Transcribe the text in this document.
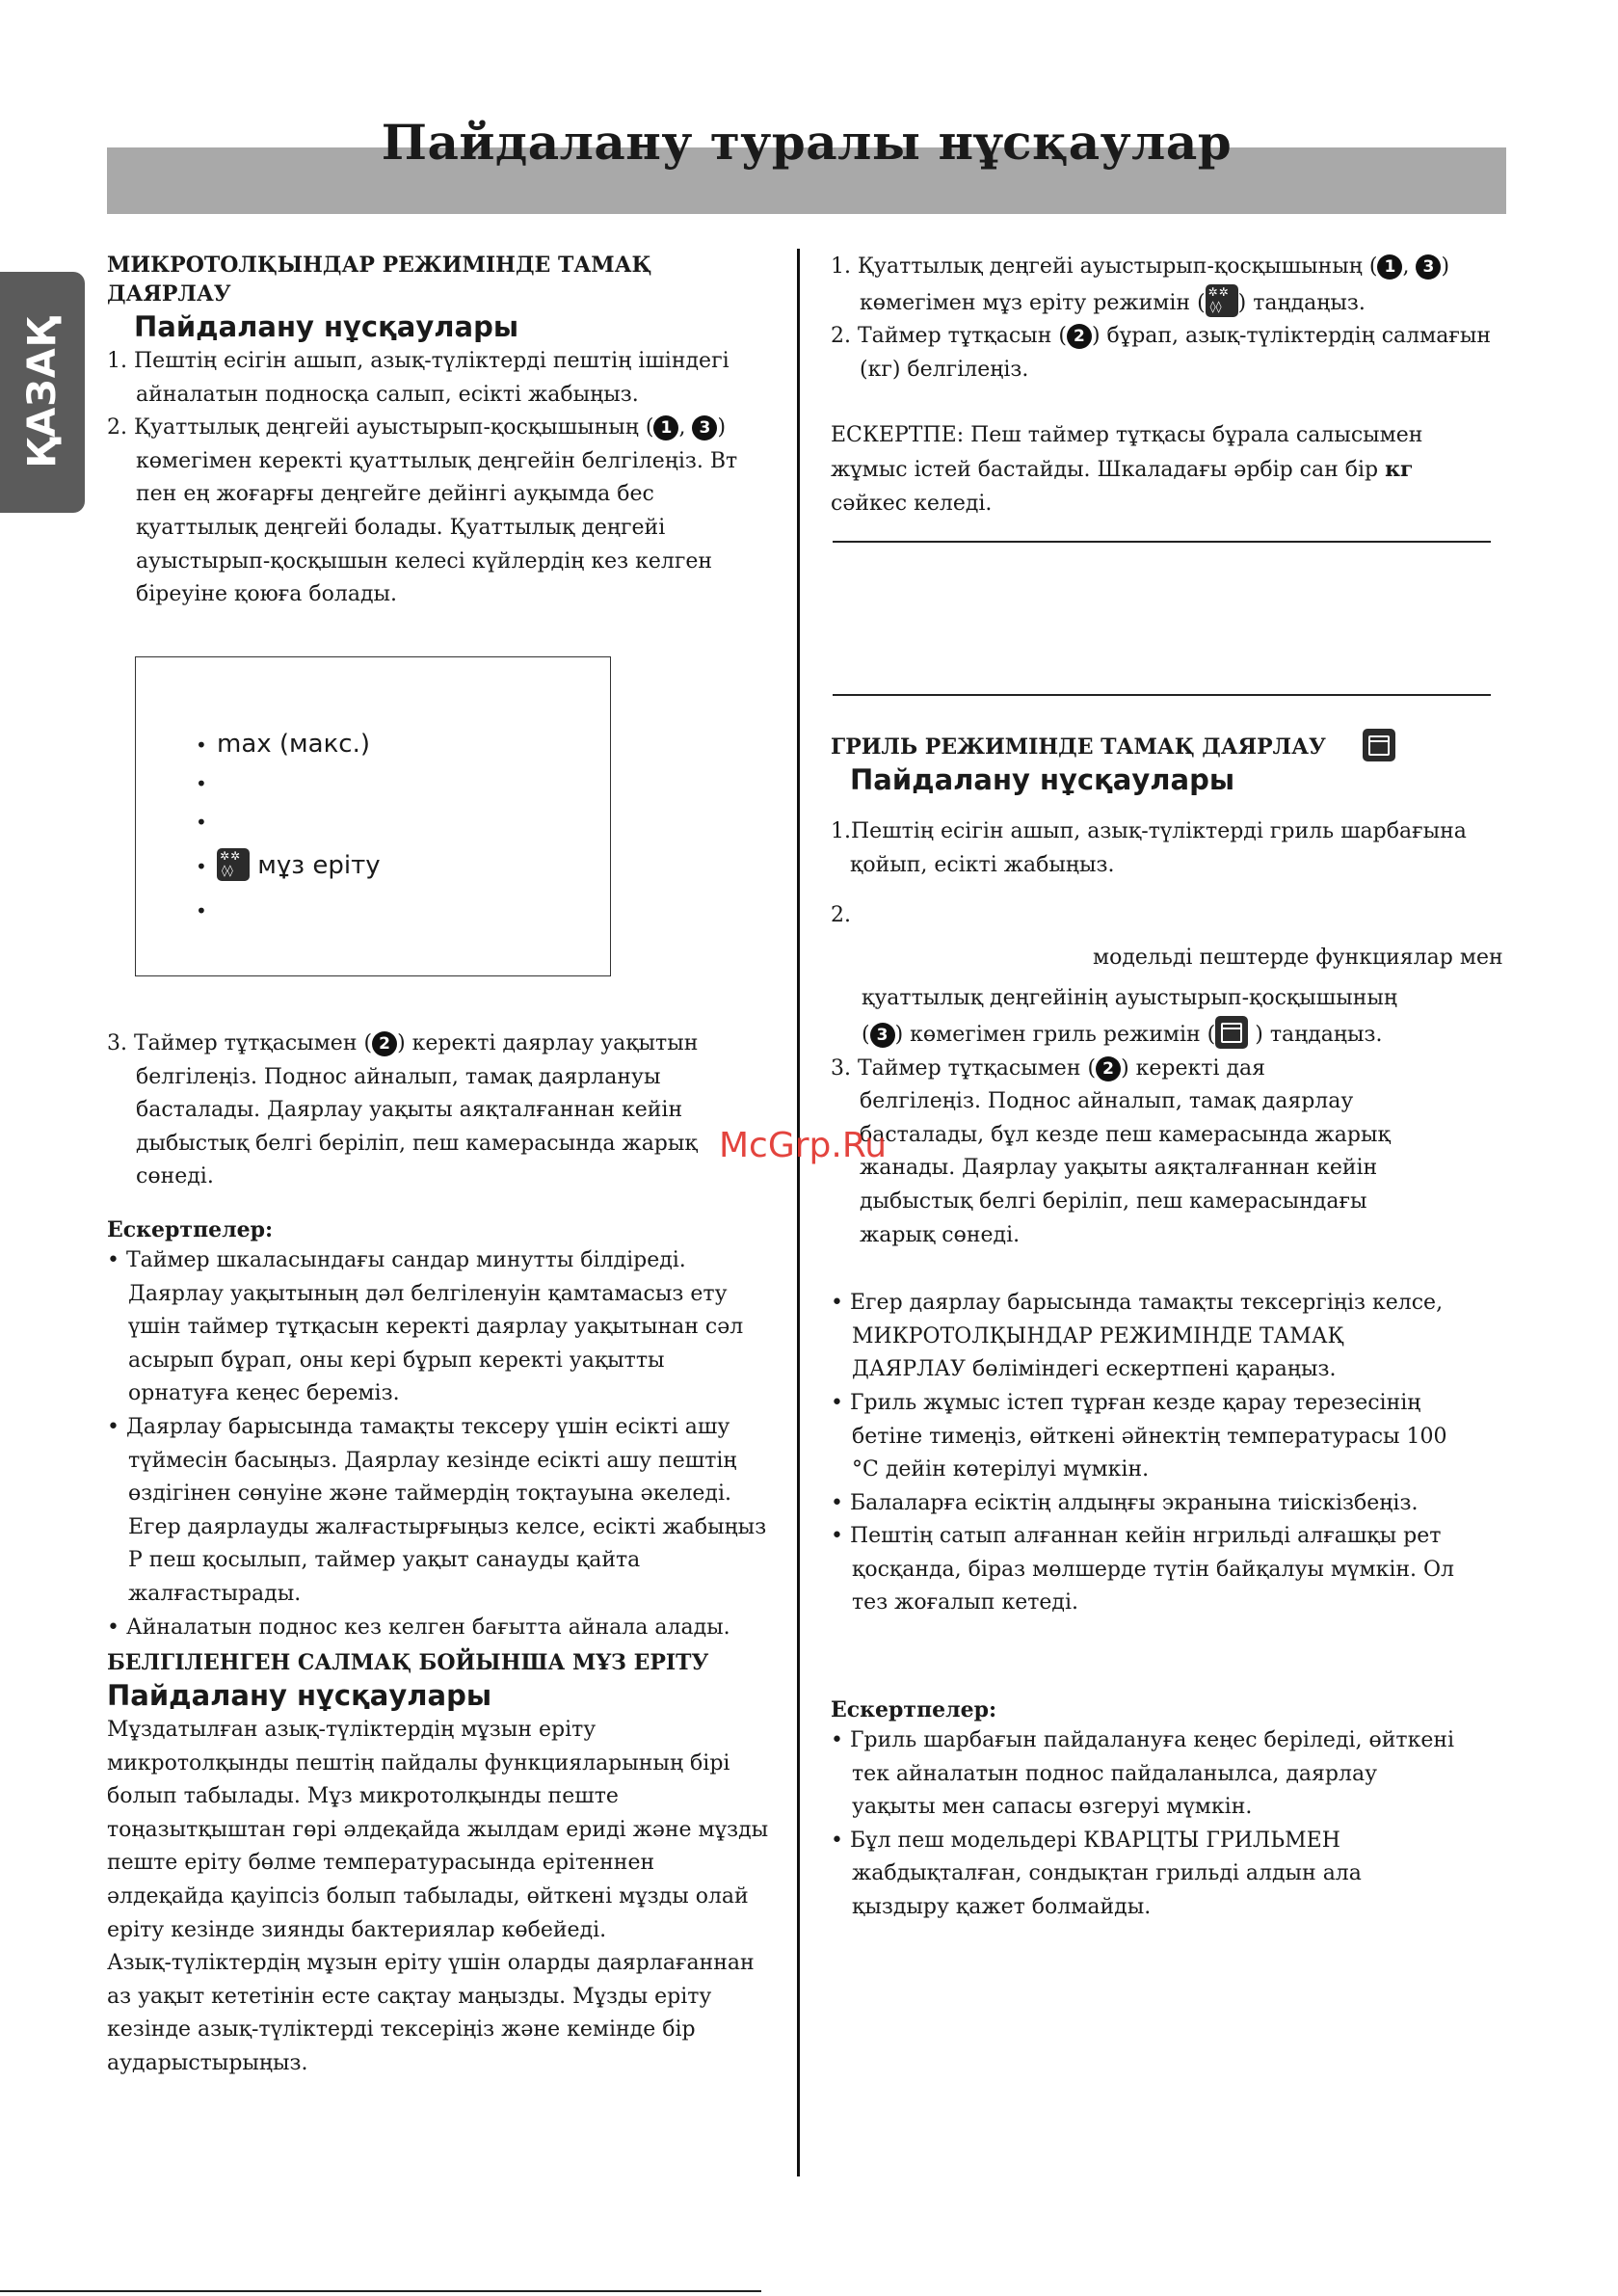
Пайдалану туралы нұсқаулар
ҚАЗАҚ

МИКРОТОЛҚЫНДАР РЕЖИМІНДЕ ТАМАҚ ДАЯРЛАУ

Пайдалану нұсқаулары

1. Пештің есігін ашып, азық-түліктерді пештің ішіндегі айналатын подносқа салып, есікті жабыңыз.

2. Қуаттылық деңгейі ауыстырып-қосқышының ( 1 , 3 ) көмегімен керекті қуаттылық деңгейін белгілеңіз. Вт пен ең жоғарғы деңгейге дейінгі ауқымда бес қуаттылық деңгейі болады. Қуаттылық деңгейі ауыстырып-қосқышын келесі күйлердің кез келген біреуіне қоюға болады.

• max (макс.)
•
•
✲✲ ◊◊ • мұз еріту
•

3. Таймер тұтқасымен ( 2 ) керекті даярлау уақытын белгілеңіз. Поднос айналып, тамақ даярлануы басталады. Даярлау уақыты аяқталғаннан кейін дыбыстық белгі беріліп, пеш камерасында жарық сөнеді.

Ескертпелер:

• Таймер шкаласындағы сандар минутты білдіреді. Даярлау уақытының дәл белгіленуін қамтамасыз ету үшін таймер тұтқасын керекті даярлау уақытынан сәл асырып бұрап, оны кері бұрып керекті уақытты орнатуға кеңес беремiз.

• Даярлау барысында тамақты тексеру үшін есікті ашу түймесін басыңыз. Даярлау кезінде есікті ашу пештің өздігінен сөнуіне және таймердің тоқтауына әкеледі. Егер даярлауды жалғастырғыңыз келсе, есікті жабыңыз Р пеш қосылып, таймер уақыт санауды қайта жалғастырады.

• Айналатын поднос кез келген бағытта айнала алады.

БЕЛГІЛЕНГЕН САЛМАҚ БОЙЫНША МҰЗ ЕРІТУ

Пайдалану нұсқаулары

Мұздатылған азық-түліктердің мұзын еріту микротолқынды пештің пайдалы функцияларының бірі болып табылады. Мұз микротолқынды пеште тоңазытқыштан гөрі әлдеқайда жылдам ериді және мұзды пеште еріту бөлме температурасында ерітеннен әлдеқайда қауіпсіз болып табылады, өйткені мұзды олай еріту кезінде зиянды бактериялар көбейеді.

Азық-түліктердің мұзын еріту үшін оларды даярлағаннан аз уақыт кететінін есте сақтау маңызды. Мұзды еріту кезінде азық-түліктерді тексеріңіз және кемінде бір аударыстырыңыз.

1. Қуаттылық деңгейі ауыстырып-қосқышының ( 1 , 3 ) көмегімен мұз еріту режимін (✲✲ ◊◊ ) таңдаңыз.

2. Таймер тұтқасын ( 2 ) бұрап, азық-түліктердің салмағын (кг) белгілеңіз.

ЕСКЕРТПЕ: Пеш таймер тұтқасы бұрала салысымен жұмыс істей бастайды. Шкаладағы әрбір сан бір кг сәйкес келеді.

ГРИЛЬ РЕЖИМІНДЕ ТАМАҚ ДАЯРЛАУ

Пайдалану нұсқаулары

1.Пештің есігін ашып, азық-түліктерді гриль шарбағына қойып, есікті жабыңыз.

2.

модельді пештерде функциялар мен

қуаттылық деңгейінің ауыстырып-қосқышының
( 3 ) көмегімен гриль режимін ( ) таңдаңыз.

3. Таймер тұтқасымен ( 2 ) керекті дая

белгілеңіз. Поднос айналып, тамақ даярлау басталады, бұл кезде пеш камерасында жарық жанады. Даярлау уақыты аяқталғаннан кейін дыбыстық белгі беріліп, пеш камерасындағы жарық сөнеді.

• Егер даярлау барысында тамақты тексергіңіз келсе, МИКРОТОЛҚЫНДАР РЕЖИМІНДЕ ТАМАҚ ДАЯРЛАУ бөліміндегі ескертпені қараңыз.

• Гриль жұмыс істеп тұрған кезде қарау терезесінің бетіне тимеңіз, өйткені әйнектің температурасы 100 °С дейін көтерілуі мүмкін.

• Балаларға есіктің алдыңғы экранына тиіскізбеңіз.

• Пештің сатып алғаннан кейін нгрильді алғашқы рет қосқанда, біраз мөлшерде түтін байқалуы мүмкін. Ол тез жоғалып кетеді.

Ескертпелер:

• Гриль шарбағын пайдалануға кеңес беріледі, өйткені тек айналатын поднос пайдаланылса, даярлау уақыты мен сапасы өзгеруі мүмкін.

• Бұл пеш модельдері КВАРЦТЫ ГРИЛЬМЕН жабдықталған, сондықтан грильді алдын ала қыздыру қажет болмайды.

McGrp.Ru
